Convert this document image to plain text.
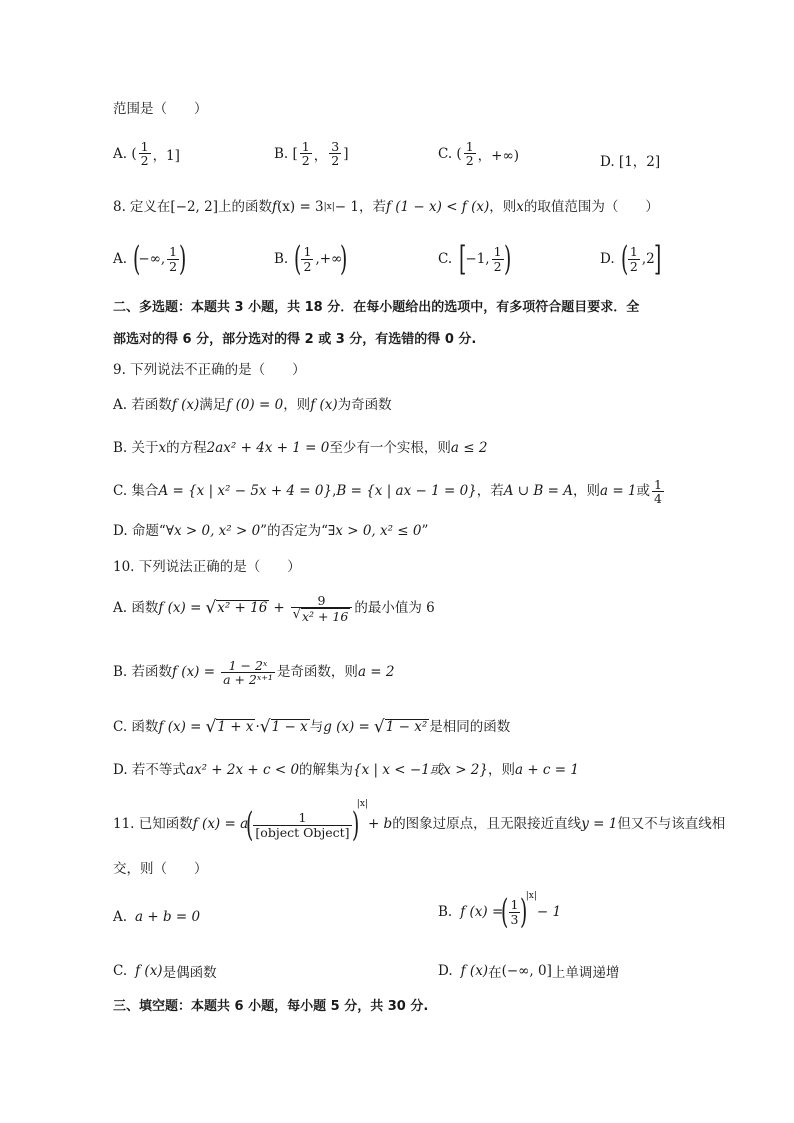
范围是（　　）
A. ( $\frac{1}{2}$ ，1]	B. [ $\frac{1}{2}$ ， $\frac{3}{2}$ ]	C. ( $\frac{1}{2}$ ，+∞)	D. [1，2]
8. 定义在 [−2, 2] 上的函数 f (x) = 3 |x| − 1 ，若 f (1 − x) < f (x) ，则 x 的取值范围为（　　）
A. (
−∞, $\frac{1}{2}$ )	B. ( $\frac{1}{2}$ ,+∞
)	C. [
−1, $\frac{1}{2}$ )	D. ( $\frac{1}{2} ,2$
]
二、多选题：本题共 3 小题，共 18 分．在每小题给出的选项中，有多项符合题目要求．全
部选对的得 6 分，部分选对的得 2 或 3 分，有选错的得 0 分.
9. 下列说法不正确的是（　　）
A. 若函数 f (x) 满足 f (0) = 0 ，则 f (x) 为奇函数
B. 关于 x 的方程 2ax² + 4x + 1 = 0 至少有一个实根，则 a ≤ 2
C. 集合 A = {x | x² − 5x + 4 = 0} , B = {x | ax − 1 = 0} ，若 A ∪ B = A ，则 a = 1 或 $\frac{1}{4}$
D. 命题“ ∀x > 0, x² > 0 ”的否定为“ ∃x > 0, x² ≤ 0 ”
10. 下列说法正确的是（　　）
A. 函数 f (x) = √ $x^2 + 16 + \frac{9}{\text{√ x² + 16}}$ 的最小值为 6
B. 若函数 f $(x) = \frac{\text{1 − 2ˣ}}{\text{a + 2ˣ⁺¹}}$ 是奇函数，则 a = 2
C. 函数 f (x) = √ 1 + x · √ 1 − x 与 g (x) = √ 1 − x² 是相同的函数
D. 若不等式 ax² + 2x + c < 0 的解集为 {x | x < −1或x > 2} ，则 a + c = 1
11. 已知函数 f (x) = a
( $\frac{1}{\text{[object Object]}}$ )
|x|
+ b 的图象过原点，且无限接近直线 y = 1 但又不与该直线相
交，则（　　）
A. a + b = 0	B. f (x) =
( $\frac{1}{3}$ )
|x|
− 1
C. f (x) 是偶函数	D. f (x) 在 (−∞, 0] 上单调递增
三、填空题：本题共 6 小题，每小题 5 分，共 30 分.
